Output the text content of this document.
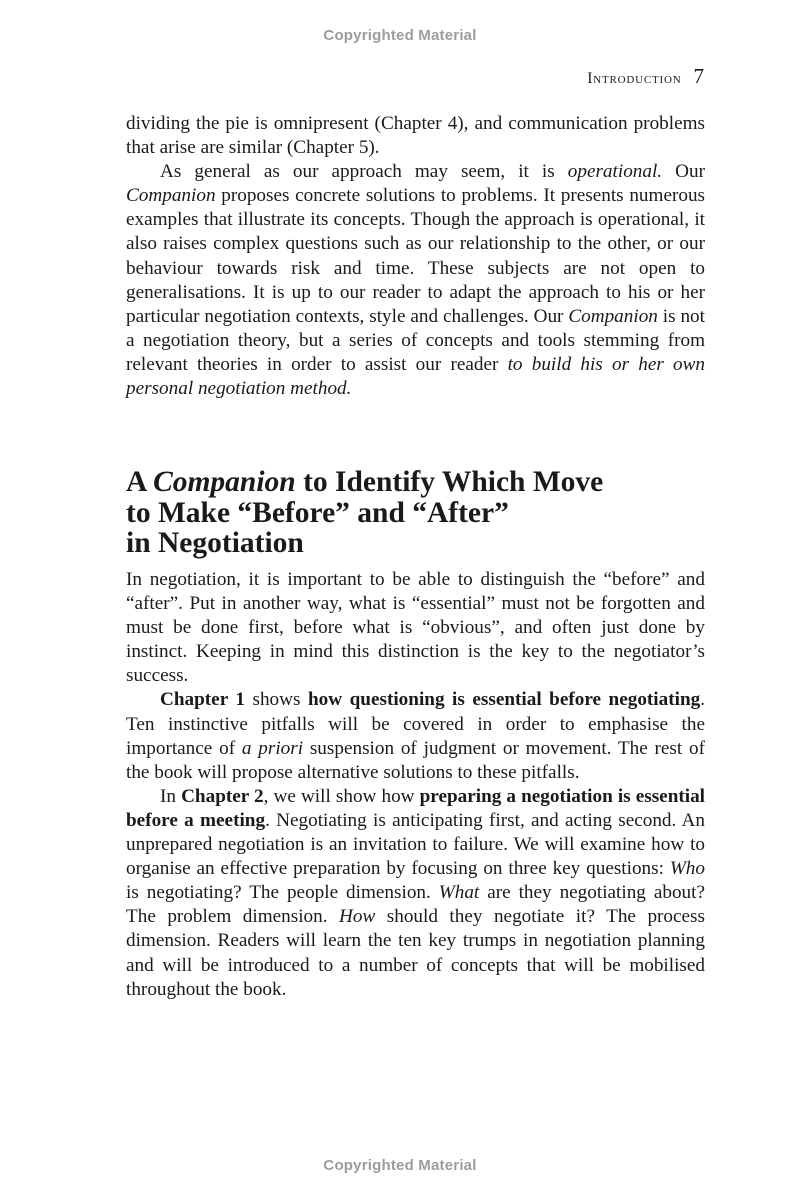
Copyrighted Material
Introduction 7

dividing the pie is omnipresent (Chapter 4), and communication problems that arise are similar (Chapter 5).

As general as our approach may seem, it is operational. Our Companion proposes concrete solutions to problems. It presents numerous examples that illustrate its concepts. Though the approach is operational, it also raises complex questions such as our relationship to the other, or our behaviour towards risk and time. These subjects are not open to generalisations. It is up to our reader to adapt the approach to his or her particular negotiation contexts, style and challenges. Our Companion is not a negotiation theory, but a series of concepts and tools stemming from relevant theories in order to assist our reader to build his or her own personal negotiation method.

A Companion to Identify Which Move
to Make “Before” and “After”
in Negotiation

In negotiation, it is important to be able to distinguish the “before” and “after”. Put in another way, what is “essential” must not be forgotten and must be done first, before what is “obvious”, and often just done by instinct. Keeping in mind this distinction is the key to the negotiator’s success.

Chapter 1 shows how questioning is essential before negotiating. Ten instinctive pitfalls will be covered in order to emphasise the importance of a priori suspension of judgment or movement. The rest of the book will propose alternative solutions to these pitfalls.

In Chapter 2, we will show how preparing a negotiation is essential before a meeting. Negotiating is anticipating first, and acting second. An unprepared negotiation is an invitation to failure. We will examine how to organise an effective preparation by focusing on three key questions: Who is negotiating? The people dimension. What are they negotiating about? The problem dimension. How should they negotiate it? The process dimension. Readers will learn the ten key trumps in negotiation planning and will be introduced to a number of concepts that will be mobilised throughout the book.

Copyrighted Material
